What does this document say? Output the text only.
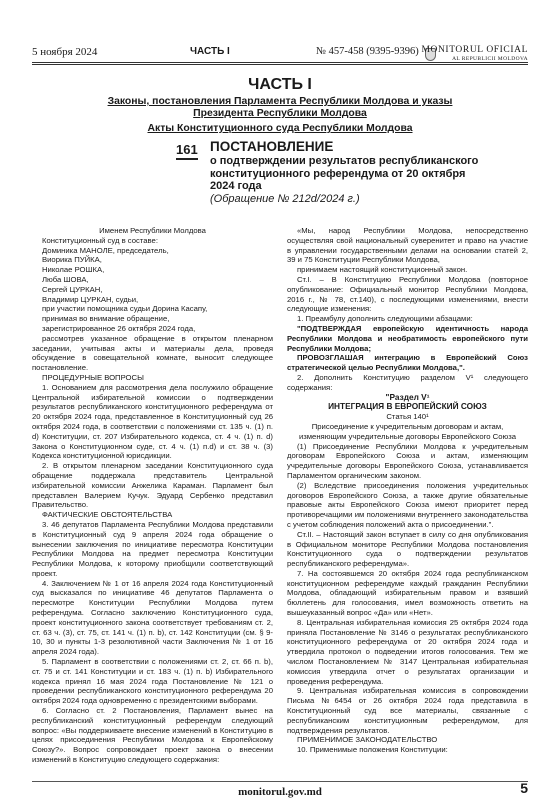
5 ноября 2024	ЧАСТЬ I	№ 457-458 (9395-9396) MONITORUL OFICIAL
AL REPUBLICII MOLDOVA
ЧАСТЬ I
Законы, постановления Парламента Республики Молдова и указы
Президента Республики Молдова
Акты Конституционного суда Республики Молдова
161 ПОСТАНОВЛЕНИЕ
о подтверждении результатов республиканского
конституционного референдума от 20 октября
2024 года
(Обращение № 212d/2024 г.)

Именем Республики Молдова

Конституционный суд в составе:

Доминика МАНОЛЕ, председатель,

Виорика ПУЙКА,

Николае РОШКА,

Люба ШОВА,

Сергей ЦУРКАН,

Владимир ЦУРКАН, судьи,

при участии помощника судьи Дорина Касапу,

принимая во внимание обращение,

зарегистрированное 26 октября 2024 года,

рассмотрев указанное обращение в открытом пленарном заседании, учитывая акты и материалы дела, проведя обсуждение в совещательной комнате, выносит следующее постановление.

ПРОЦЕДУРНЫЕ ВОПРОСЫ

1. Основанием для рассмотрения дела послужило обращение Центральной избирательной комиссии о подтверждении результатов республиканского конституционного референдума от 20 октября 2024 года, представленное в Конституционный суд 26 октября 2024 года, в соответствии с положениями ст. 135 ч. (1) п. d) Конституции, ст. 207 Избирательного кодекса, ст. 4 ч. (1) п. d) Закона о Конституционном суде, ст. 4 ч. (1) п.d) и ст. 38 ч. (3) Кодекса конституционной юрисдикции.

2. В открытом пленарном заседании Конституционного суда обращение поддержала представитель Центральной избирательной комиссии Анжелика Караман. Парламент был представлен Валерием Кучук. Эдуард Сербенко представил Правительство.

ФАКТИЧЕСКИЕ ОБСТОЯТЕЛЬСТВА

3. 46 депутатов Парламента Республики Молдова представили в Конституционный суд 9 апреля 2024 года обращение о вынесении заключения по инициативе пересмотра Конституции Республики Молдова на предмет пересмотра Конституции Республики Молдова, к которому приобщили соответствующий проект.

4. Заключением № 1 от 16 апреля 2024 года Конституционный суд высказался по инициативе 46 депутатов Парламента о пересмотре Конституции Республики Молдова путем референдума. Согласно заключению Конституционного суда, проект конституционного закона соответствует требованиям ст. 2, ст. 63 ч. (3), ст. 75, ст. 141 ч. (1) п. b), ст. 142 Конституции (см. § 9-10, 30 и пункты 1-3 резолютивной части Заключения № 1 от 16 апреля 2024 года).

5. Парламент в соответствии с положениями ст. 2, ст. 66 п. b), ст. 75 и ст. 141 Конституции и ст. 183 ч. (1) п. b) Избирательного кодекса принял 16 мая 2024 года Постановление № 121 о проведении республиканского конституционного референдума 20 октября 2024 года одновременно с президентскими выборами.

6. Согласно ст. 2 Постановления, Парламент вынес на республиканский конституционный референдум следующий вопрос: «Вы поддерживаете внесение изменений в Конституцию в целях присоединения Республики Молдова к Европейскому Союзу?». Вопрос сопровождает проект закона о внесении изменений в Конституцию следующего содержания:

«Мы, народ Республики Молдова, непосредственно осуществляя свой национальный суверенитет и право на участие в управлении государственными делами на основании статей 2, 39 и 75 Конституции Республики Молдова,

принимаем настоящий конституционный закон.

Ст.I. – В Конституцию Республики Молдова (повторное опубликование: Официальный монитор Республики Молдова, 2016 г., № 78, ст.140), с последующими изменениями, внести следующие изменения:

1. Преамбулу дополнить следующими абзацами:

"ПОДТВЕРЖДАЯ европейскую идентичность народа Республики Молдова и необратимость европейского пути Республики Молдова;

ПРОВОЗГЛАШАЯ интеграцию в Европейский Союз стратегической целью Республики Молдова,".

2. Дополнить Конституцию разделом V¹ следующего содержания:

"Раздел V¹

ИНТЕГРАЦИЯ В ЕВРОПЕЙСКИЙ СОЮЗ

Статья 140¹

Присоединение к учредительным договорам и актам, изменяющим учредительные договоры Европейского Союза

(1) Присоединение Республики Молдова к учредительным договорам Европейского Союза и актам, изменяющим учредительные договоры Европейского Союза, устанавливается Парламентом органическим законом.

(2) Вследствие присоединения положения учредительных договоров Европейского Союза, а также другие обязательные правовые акты Европейского Союза имеют приоритет перед противоречащими им положениями внутреннего законодательства с учетом соблюдения положений акта о присоединении.".

Ст.II. – Настоящий закон вступает в силу со дня опубликования в Официальном мониторе Республики Молдова постановления Конституционного суда о подтверждении результатов республиканского референдума».

7. На состоявшемся 20 октября 2024 года республиканском конституционном референдуме каждый гражданин Республики Молдова, обладающий избирательным правом и взявший бюллетень для голосования, имел возможность ответить на вышеуказанный вопрос «Да» или «Нет».

8. Центральная избирательная комиссия 25 октября 2024 года приняла Постановление № 3146 о результатах республиканского конституционного референдума от 20 октября 2024 года и утвердила протокол о подведении итогов голосования. Тем же числом Постановлением № 3147 Центральная избирательная комиссия утвердила отчет о результатах организации и проведения референдума.

9. Центральная избирательная комиссия в сопровождении Письма №6454 от 26 октября 2024 года представила в Конституционный суд все материалы, связанные с республиканским конституционным референдумом, для подтверждения результатов.

ПРИМЕНИМОЕ ЗАКОНОДАТЕЛЬСТВО

10. Применимые положения Конституции:

monitorul.gov.md	5
